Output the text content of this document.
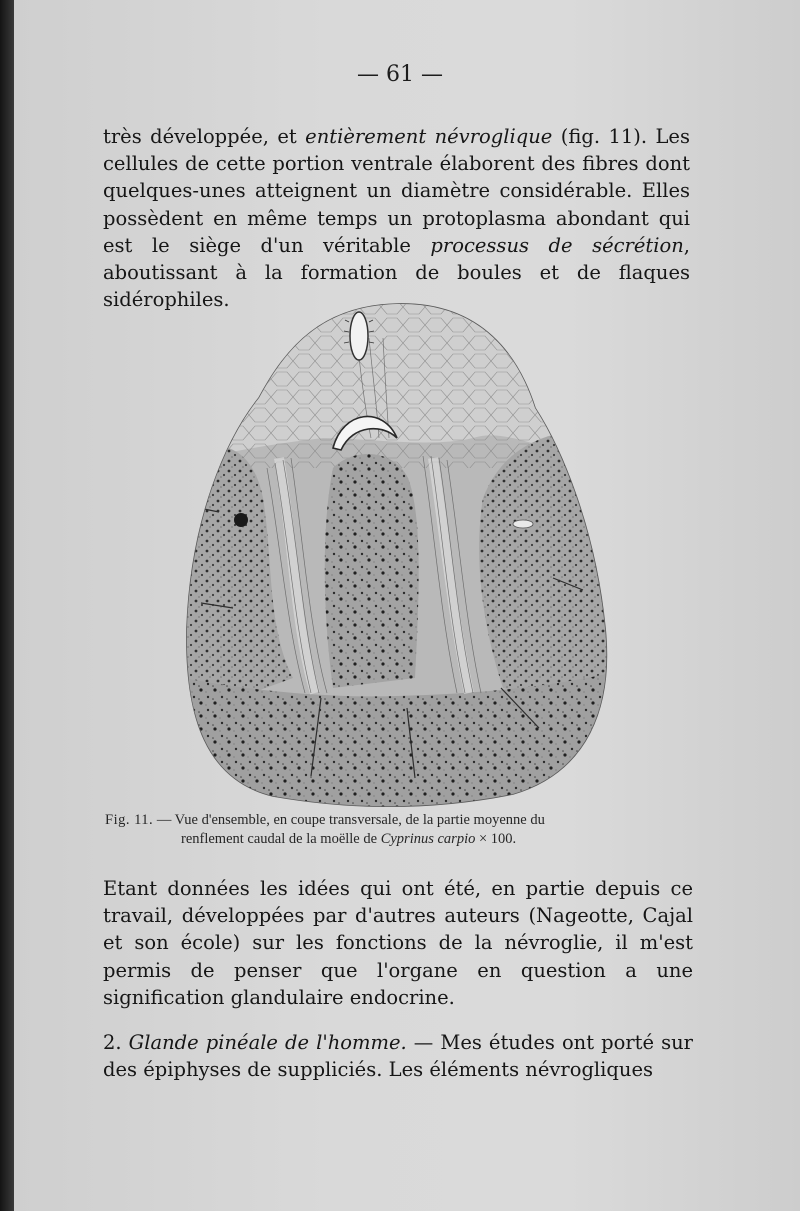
— 61 —

très développée, et entièrement névroglique (fig. 11). Les cellules de cette portion ventrale élaborent des fibres dont quelques-unes atteignent un diamètre considérable. Elles possèdent en même temps un protoplasma abondant qui est le siège d'un véritable processus de sécrétion, aboutissant à la formation de boules et de flaques sidérophiles.

Fig. 11. — Vue d'ensemble, en coupe transversale, de la partie moyenne du
renflement caudal de la moëlle de Cyprinus carpio × 100.

Etant données les idées qui ont été, en partie depuis ce travail, développées par d'autres auteurs (Nageotte, Cajal et son école) sur les fonctions de la névroglie, il m'est permis de penser que l'organe en question a une signification glandulaire endocrine.

2. Glande pinéale de l'homme. — Mes études ont porté sur des épiphyses de suppliciés. Les éléments névrogliques
